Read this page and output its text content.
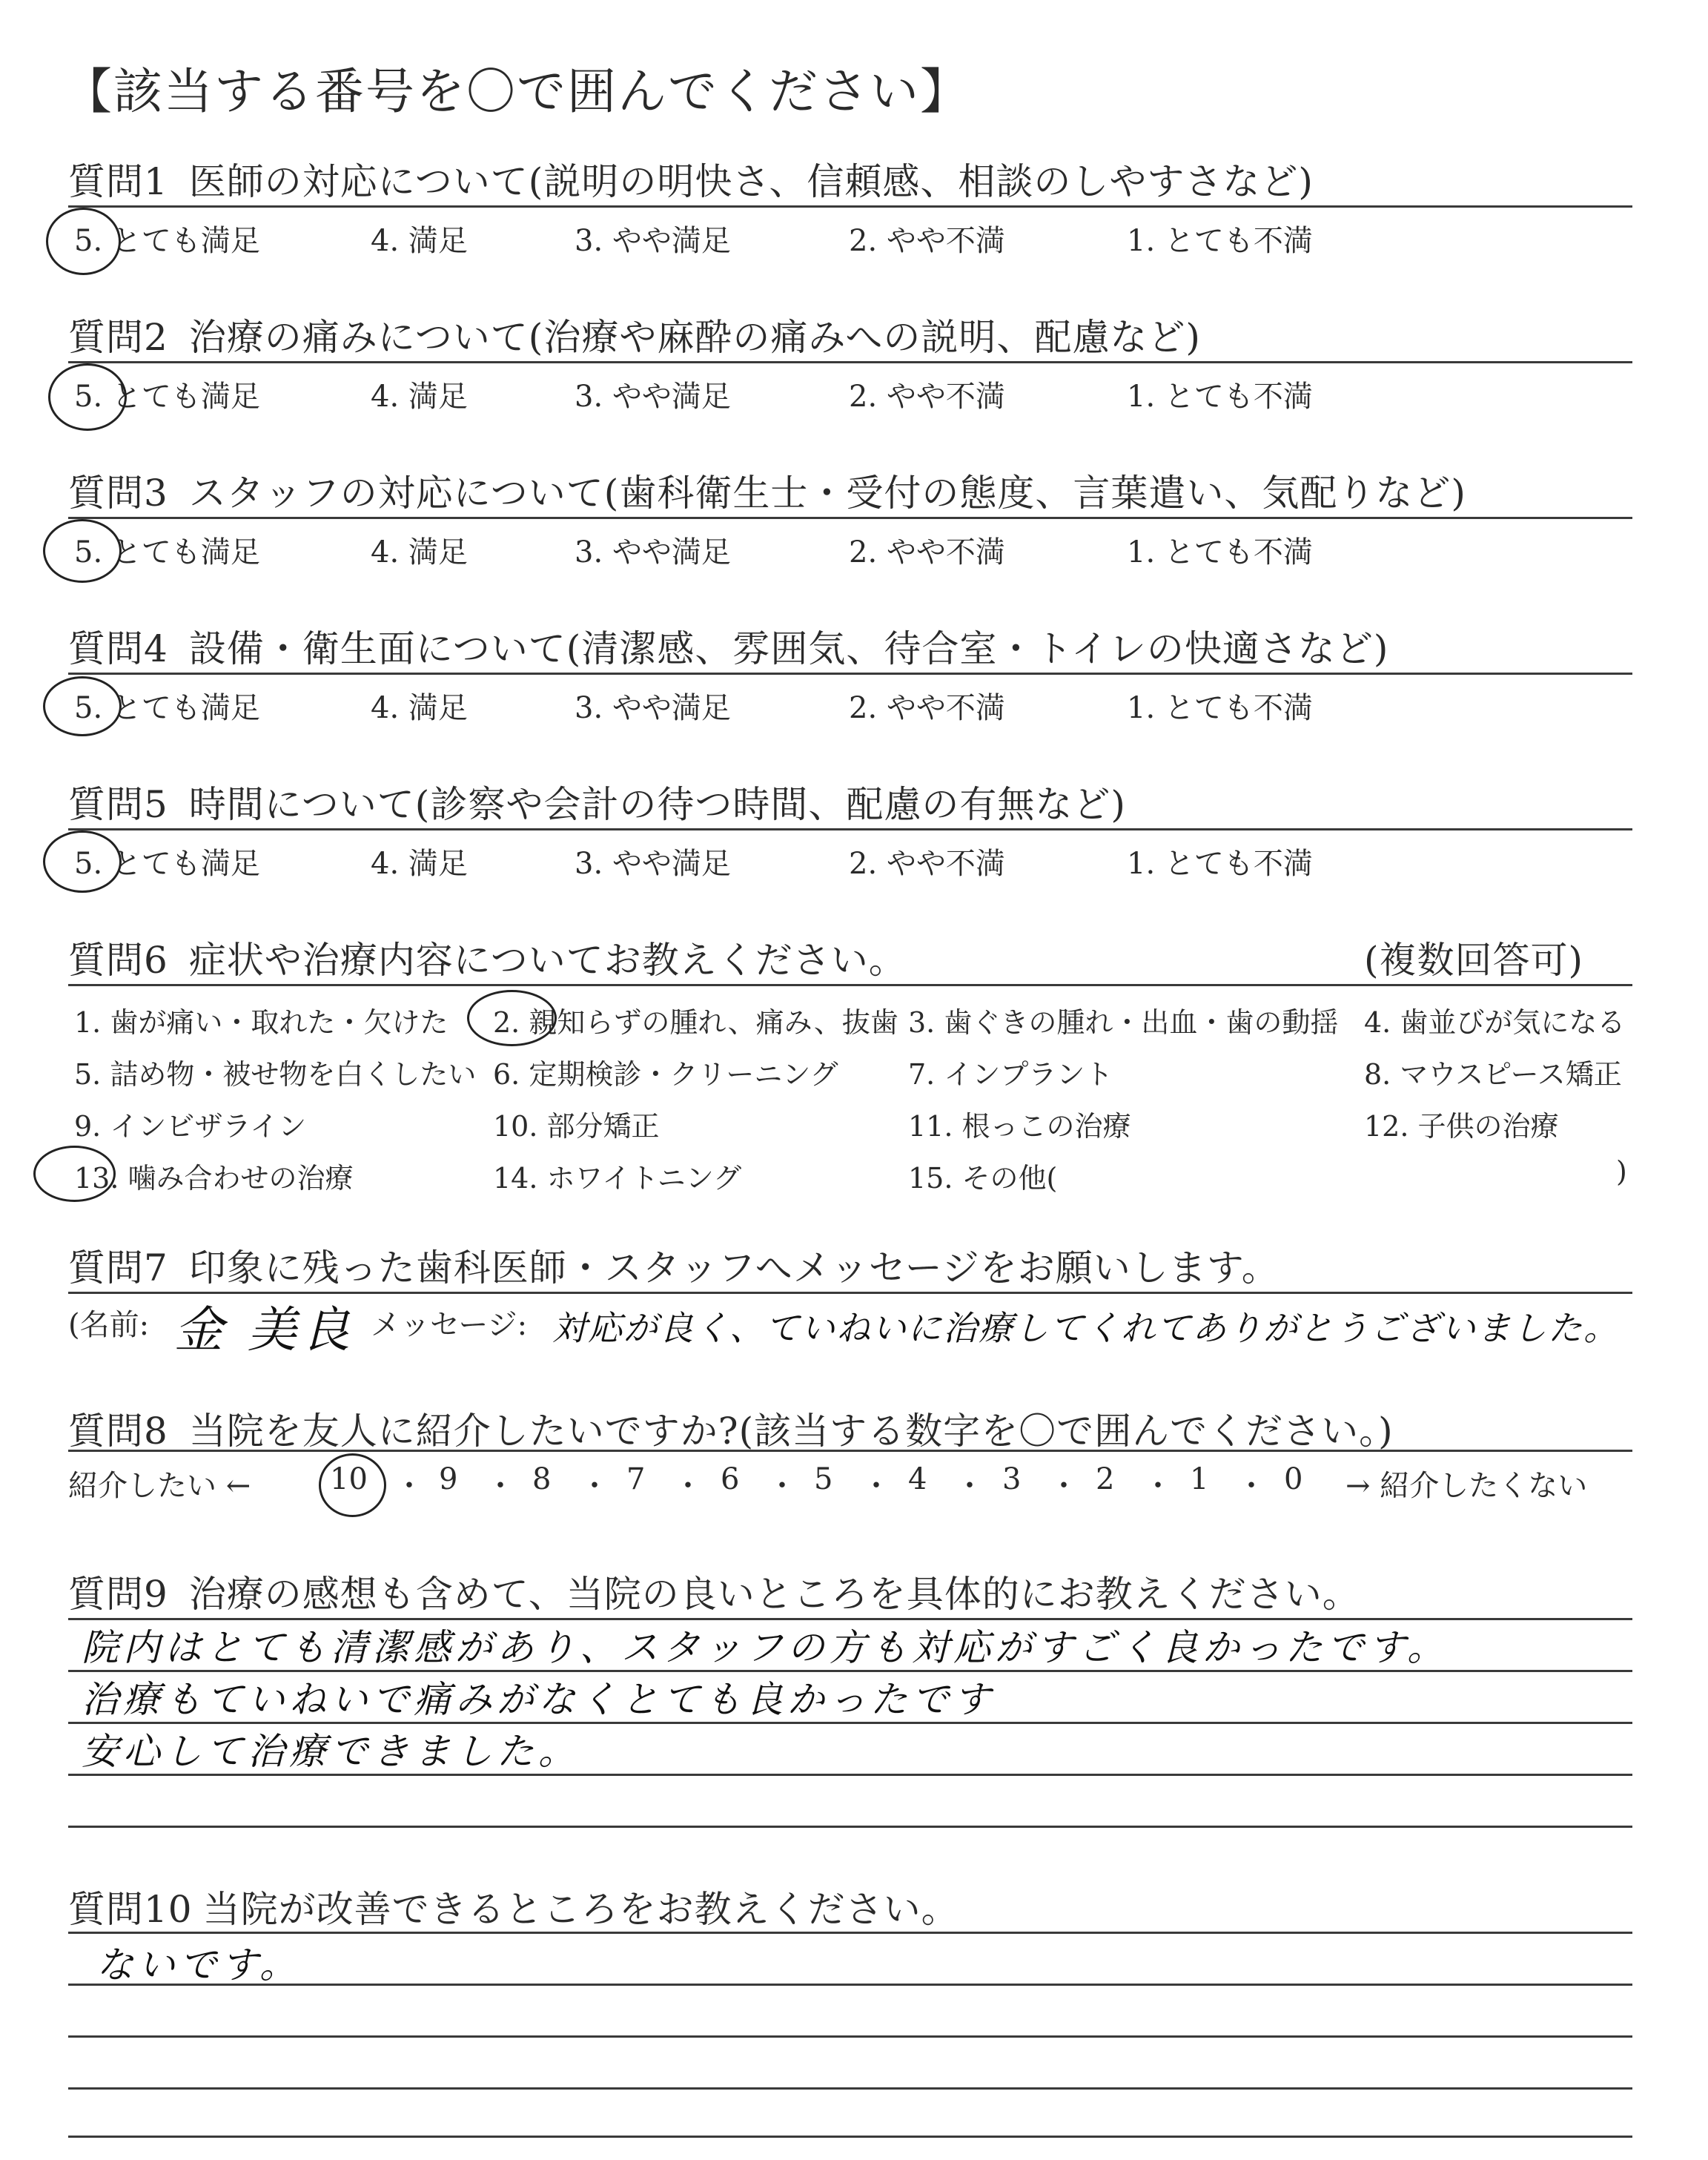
【該当する番号を〇で囲んでください】
質問1 医師の対応について(説明の明快さ、信頼感、相談のしやすさなど)
5. とても満足	4. 満足	3. やや満足	2. やや不満	1. とても不満
質問2 治療の痛みについて(治療や麻酔の痛みへの説明、配慮など)
5. とても満足	4. 満足	3. やや満足	2. やや不満	1. とても不満
質問3 スタッフの対応について(歯科衛生士・受付の態度、言葉遣い、気配りなど)
5. とても満足	4. 満足	3. やや満足	2. やや不満	1. とても不満
質問4 設備・衛生面について(清潔感、雰囲気、待合室・トイレの快適さなど)
5. とても満足	4. 満足	3. やや満足	2. やや不満	1. とても不満
質問5 時間について(診察や会計の待つ時間、配慮の有無など)
5. とても満足	4. 満足	3. やや満足	2. やや不満	1. とても不満
質問6 症状や治療内容についてお教えください。	(複数回答可)
1. 歯が痛い・取れた・欠けた 2. 親知らずの腫れ、痛み、抜歯 3. 歯ぐきの腫れ・出血・歯の動揺 4. 歯並びが気になる
5. 詰め物・被せ物を白くしたい 6. 定期検診・クリーニング 7. インプラント	8. マウスピース矯正
9. インビザライン	10. 部分矯正	11. 根っこの治療	12. 子供の治療
13. 噛み合わせの治療	14. ホワイトニング	15. その他(	)
質問7 印象に残った歯科医師・スタッフへメッセージをお願いします。
(名前: 金 美良 メッセージ: 対応が良く、ていねいに治療してくれてありがとうございました。
質問8 当院を友人に紹介したいですか?(該当する数字を〇で囲んでください。)
紹介したい ←	10 ・ 9 ・ 8 ・ 7 ・ 6 ・ 5 ・ 4 ・ 3 ・ 2 ・ 1 ・ 0 → 紹介したくない
質問9 治療の感想も含めて、当院の良いところを具体的にお教えください。
院内はとても清潔感があり、スタッフの方も対応がすごく良かったです。
治療もていねいで痛みがなくとても良かったです
安心して治療できました。
質問10 当院が改善できるところをお教えください。
ないです。
